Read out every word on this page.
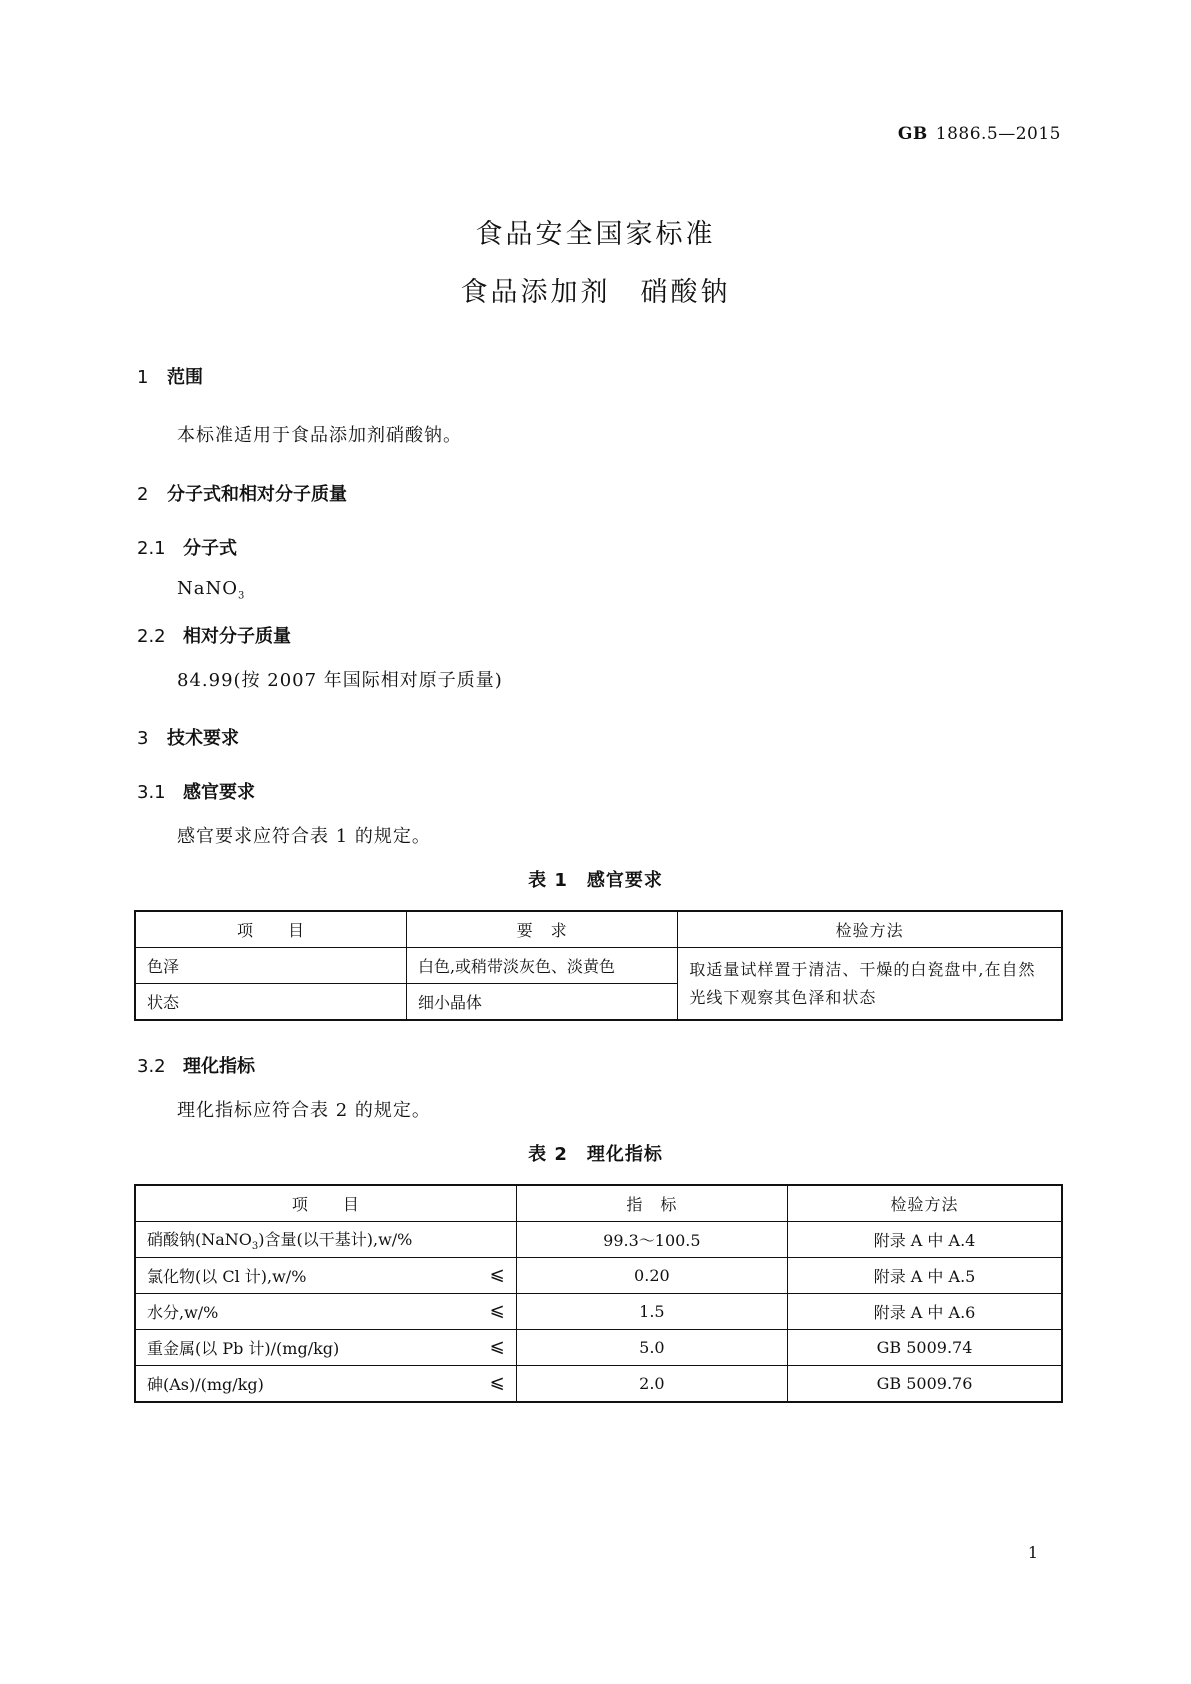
GB 1886.5—2015
食品安全国家标准
食品添加剂　硝酸钠
1 范围
本标准适用于食品添加剂硝酸钠。
2 分子式和相对分子质量
2.1 分子式
NaNO$_3$
2.2 相对分子质量
84.99(按 2007 年国际相对原子质量)
3 技术要求
3.1 感官要求
感官要求应符合表 1 的规定。
表 1　感官要求
项　　目	要　求	检验方法
色泽	白色,或稍带淡灰色、淡黄色	取适量试样置于清洁、干燥的白瓷盘中,在自然光线下观察其色泽和状态
状态	细小晶体	
3.2 理化指标
理化指标应符合表 2 的规定。
表 2　理化指标
项　　目	指　标	检验方法
硝酸钠(NaNO$_3$)含量(以干基计),w/%	99.3～100.5	附录 A 中 A.4
氯化物(以 Cl 计),w/% ⩽	0.20	附录 A 中 A.5
水分,w/% ⩽	1.5	附录 A 中 A.6
重金属(以 Pb 计)/(mg/kg) ⩽	5.0	GB 5009.74
砷(As)/(mg/kg) ⩽	2.0	GB 5009.76
1
